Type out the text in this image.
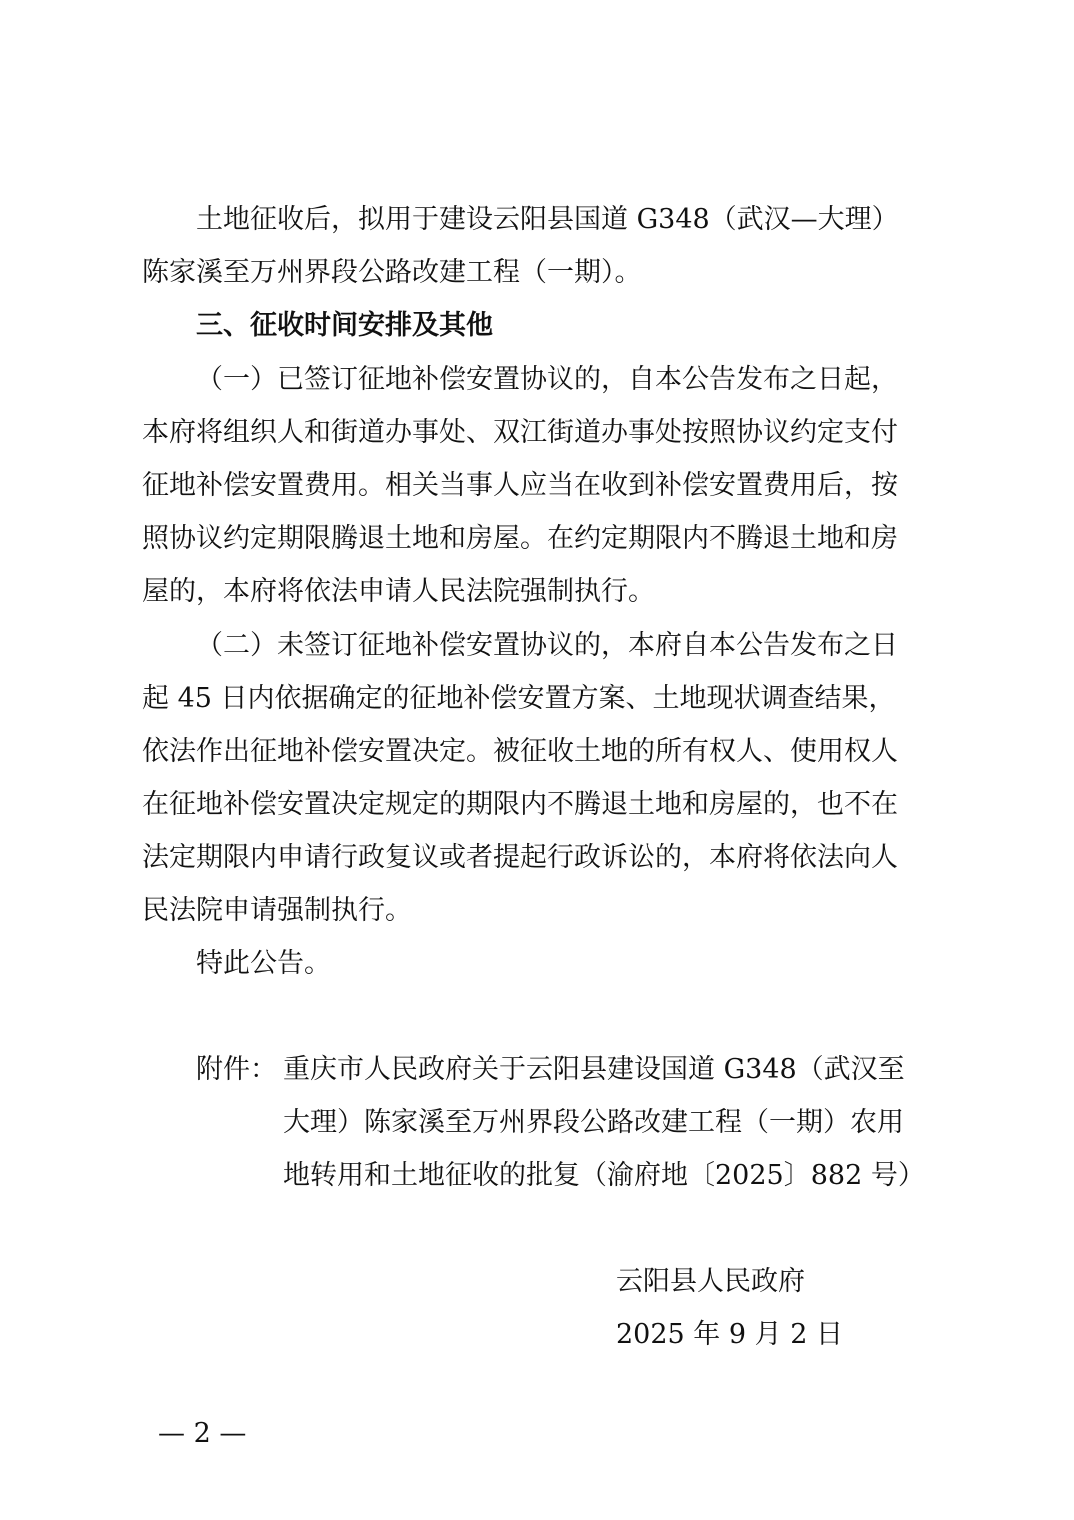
土地征收后，拟用于建设云阳县国道 G348（武汉—大理）
陈家溪至万州界段公路改建工程（一期）。
三、征收时间安排及其他
（一）已签订征地补偿安置协议的，自本公告发布之日起，
本府将组织人和街道办事处、双江街道办事处按照协议约定支付
征地补偿安置费用。相关当事人应当在收到补偿安置费用后，按
照协议约定期限腾退土地和房屋。在约定期限内不腾退土地和房
屋的，本府将依法申请人民法院强制执行。
（二）未签订征地补偿安置协议的，本府自本公告发布之日
起 45 日内依据确定的征地补偿安置方案、土地现状调查结果，
依法作出征地补偿安置决定。被征收土地的所有权人、使用权人
在征地补偿安置决定规定的期限内不腾退土地和房屋的，也不在
法定期限内申请行政复议或者提起行政诉讼的，本府将依法向人
民法院申请强制执行。
特此公告。
附件： 重庆市人民政府关于云阳县建设国道 G348（武汉至
大理）陈家溪至万州界段公路改建工程（一期）农用
地转用和土地征收的批复（渝府地〔2025〕882 号）
云阳县人民政府
2025 年 9 月 2 日
— 2 —
